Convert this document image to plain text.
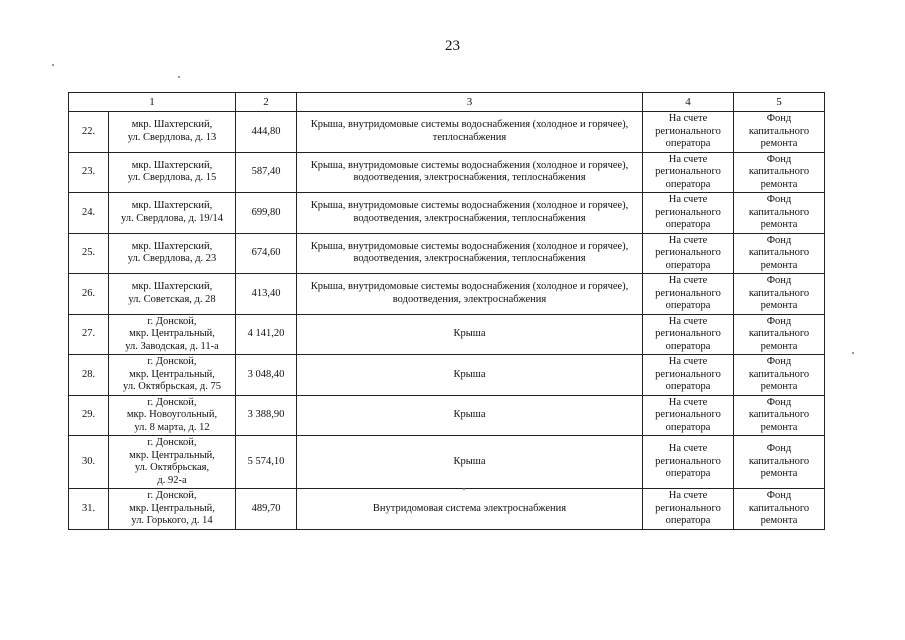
23
1		2	3	4	5
22.	мкр. Шахтерский,
ул. Свердлова, д. 13	444,80	Крыша, внутридомовые системы водоснабжения (холодное и горячее), теплоснабжения	На счете
регионального
оператора	Фонд
капитального
ремонта
23.	мкр. Шахтерский,
ул. Свердлова, д. 15	587,40	Крыша, внутридомовые системы водоснабжения (холодное и горячее), водоотведения, электроснабжения, теплоснабжения	На счете
регионального
оператора	Фонд
капитального
ремонта
24.	мкр. Шахтерский,
ул. Свердлова, д. 19/14	699,80	Крыша, внутридомовые системы водоснабжения (холодное и горячее), водоотведения, электроснабжения, теплоснабжения	На счете
регионального
оператора	Фонд
капитального
ремонта
25.	мкр. Шахтерский,
ул. Свердлова, д. 23	674,60	Крыша, внутридомовые системы водоснабжения (холодное и горячее), водоотведения, электроснабжения, теплоснабжения	На счете
регионального
оператора	Фонд
капитального
ремонта
26.	мкр. Шахтерский,
ул. Советская, д. 28	413,40	Крыша, внутридомовые системы водоснабжения (холодное и горячее), водоотведения, электроснабжения	На счете
регионального
оператора	Фонд
капитального
ремонта
27.	г. Донской,
мкр. Центральный,
ул. Заводская, д. 11-а	4 141,20	Крыша	На счете
регионального
оператора	Фонд
капитального
ремонта
28.	г. Донской,
мкр. Центральный,
ул. Октябрьская, д. 75	3 048,40	Крыша	На счете
регионального
оператора	Фонд
капитального
ремонта
29.	г. Донской,
мкр. Новоугольный,
ул. 8 марта, д. 12	3 388,90	Крыша	На счете
регионального
оператора	Фонд
капитального
ремонта
30.	г. Донской,
мкр. Центральный,
ул. Октябрьская,
д. 92-а	5 574,10	Крыша	На счете
регионального
оператора	Фонд
капитального
ремонта
31.	г. Донской,
мкр. Центральный,
ул. Горького, д. 14	489,70	Внутридомовая система электроснабжения	На счете
регионального
оператора	Фонд
капитального
ремонта
